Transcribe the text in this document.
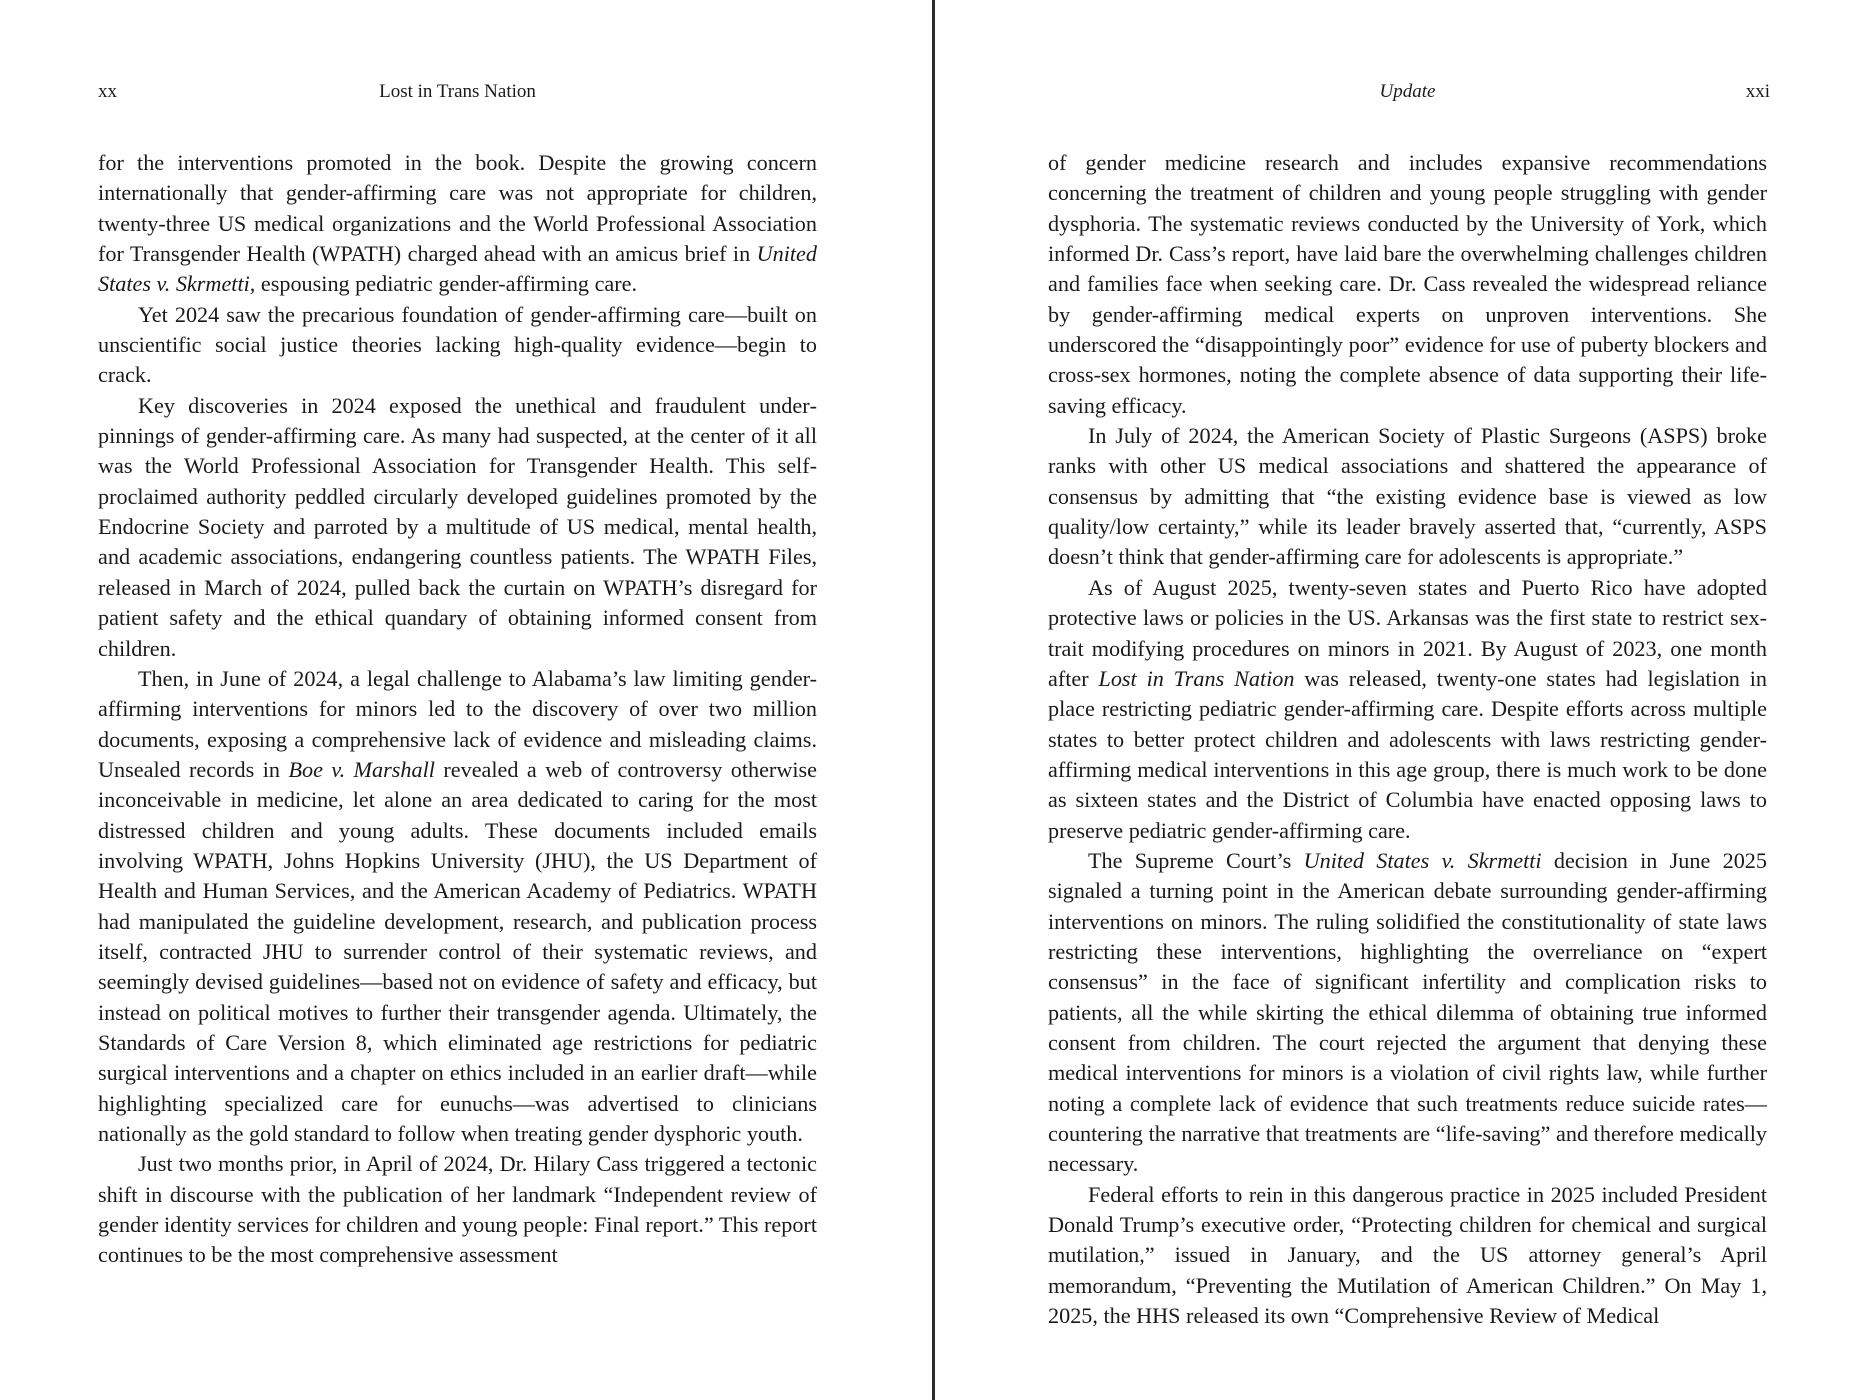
xx	Lost in Trans Nation

for the interventions promoted in the book. Despite the growing concern internationally that gender-affirming care was not appropriate for children, twenty-three US medical organizations and the World Professional Association for Transgender Health (WPATH) charged ahead with an amicus brief in United States v. Skrmetti, espousing pediatric gender-affirming care.

Yet 2024 saw the precarious foundation of gender-affirming care—built on unscientific social justice theories lacking high-quality evidence—begin to crack.

Key discoveries in 2024 exposed the unethical and fraudulent underpinnings of gender-affirming care. As many had suspected, at the center of it all was the World Professional Association for Transgender Health. This self-proclaimed authority peddled circularly developed guidelines promoted by the Endocrine Society and parroted by a multitude of US medical, mental health, and academic associations, endangering countless patients. The WPATH Files, released in March of 2024, pulled back the curtain on WPATH’s disregard for patient safety and the ethical quandary of obtaining informed consent from children.

Then, in June of 2024, a legal challenge to Alabama’s law limiting gender-affirming interventions for minors led to the discovery of over two million documents, exposing a comprehensive lack of evidence and misleading claims. Unsealed records in Boe v. Marshall revealed a web of controversy otherwise inconceivable in medicine, let alone an area dedicated to caring for the most distressed children and young adults. These documents included emails involving WPATH, Johns Hopkins University (JHU), the US Department of Health and Human Services, and the American Academy of Pediatrics. WPATH had manipulated the guideline development, research, and publication process itself, contracted JHU to surrender control of their systematic reviews, and seemingly devised guidelines—based not on evidence of safety and efficacy, but instead on political motives to further their transgender agenda. Ultimately, the Standards of Care Version 8, which eliminated age restrictions for pediatric surgical interventions and a chapter on ethics included in an earlier draft—while highlighting specialized care for eunuchs—was advertised to clinicians nationally as the gold standard to follow when treating gender dysphoric youth.

Just two months prior, in April of 2024, Dr. Hilary Cass triggered a tectonic shift in discourse with the publication of her landmark “Independent review of gender identity services for children and young people: Final report.” This report continues to be the most comprehensive assessment

Update	xxi

of gender medicine research and includes expansive recommendations concerning the treatment of children and young people struggling with gender dysphoria. The systematic reviews conducted by the University of York, which informed Dr. Cass’s report, have laid bare the overwhelming challenges children and families face when seeking care. Dr. Cass revealed the widespread reliance by gender-affirming medical experts on unproven interventions. She underscored the “disappointingly poor” evidence for use of puberty blockers and cross-sex hormones, noting the complete absence of data supporting their life-saving efficacy.

In July of 2024, the American Society of Plastic Surgeons (ASPS) broke ranks with other US medical associations and shattered the appearance of consensus by admitting that “the existing evidence base is viewed as low quality/low certainty,” while its leader bravely asserted that, “currently, ASPS doesn’t think that gender-affirming care for adolescents is appropriate.”

As of August 2025, twenty-seven states and Puerto Rico have adopted protective laws or policies in the US. Arkansas was the first state to restrict sex-trait modifying procedures on minors in 2021. By August of 2023, one month after Lost in Trans Nation was released, twenty-one states had legislation in place restricting pediatric gender-affirming care. Despite efforts across multiple states to better protect children and adolescents with laws restricting gender-affirming medical interventions in this age group, there is much work to be done as sixteen states and the District of Columbia have enacted opposing laws to preserve pediatric gender-affirming care.

The Supreme Court’s United States v. Skrmetti decision in June 2025 signaled a turning point in the American debate surrounding gender-affirming interventions on minors. The ruling solidified the constitutionality of state laws restricting these interventions, highlighting the overreliance on “expert consensus” in the face of significant infertility and complication risks to patients, all the while skirting the ethical dilemma of obtaining true informed consent from children. The court rejected the argument that denying these medical interventions for minors is a violation of civil rights law, while further noting a complete lack of evidence that such treatments reduce suicide rates—countering the narrative that treatments are “life-saving” and therefore medically necessary.

Federal efforts to rein in this dangerous practice in 2025 included President Donald Trump’s executive order, “Protecting children for chemical and surgical mutilation,” issued in January, and the US attorney general’s April memorandum, “Preventing the Mutilation of American Children.” On May 1, 2025, the HHS released its own “Comprehensive Review of Medical
